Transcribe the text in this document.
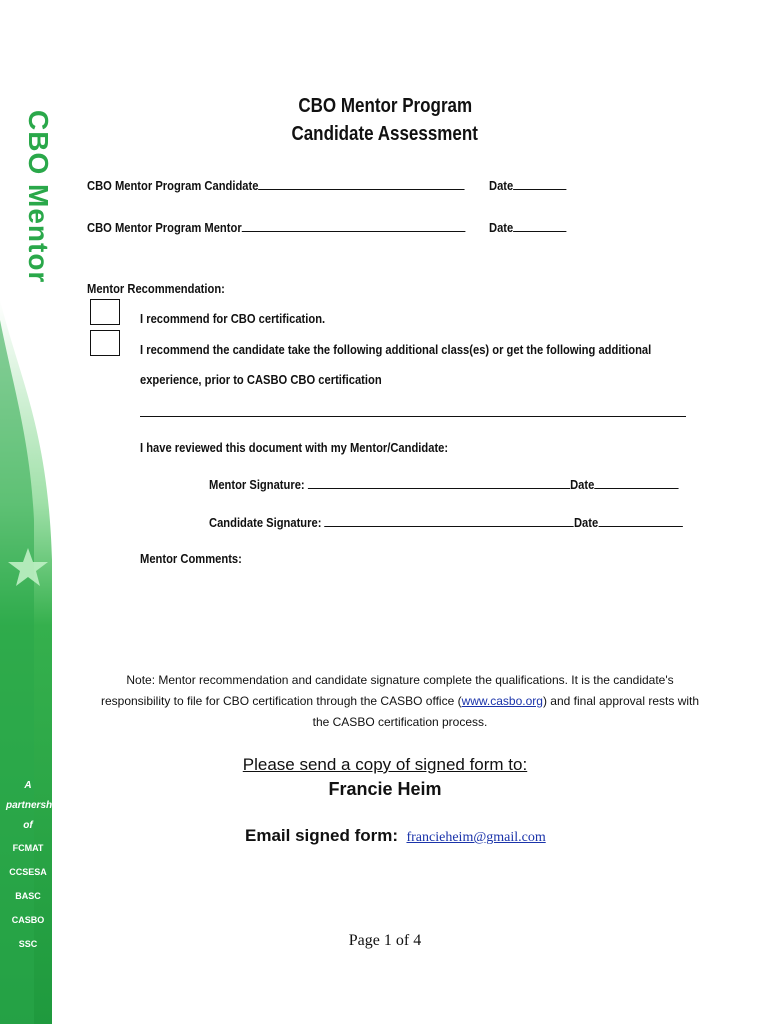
CBO Mentor
A
partnership
of
FCMAT
CCSESA
BASC
CASBO
SSC
CBO Mentor Program
Candidate Assessment
CBO Mentor Program Candidate	Date
CBO Mentor Program Mentor	Date
Mentor Recommendation:
I recommend for CBO certification.
I recommend the candidate take the following additional class(es) or get the following additional
experience, prior to CASBO CBO certification
I have reviewed this document with my Mentor/Candidate:
Mentor Signature:	Date
Candidate Signature:	Date
Mentor Comments:
Note: Mentor recommendation and candidate signature complete the qualifications. It is the candidate's responsibility to file for CBO certification through the CASBO office (www.casbo.org) and final approval rests with the CASBO certification process.
Please send a copy of signed form to:
Francie Heim
Email signed form: francieheim@gmail.com
Page 1 of 4
